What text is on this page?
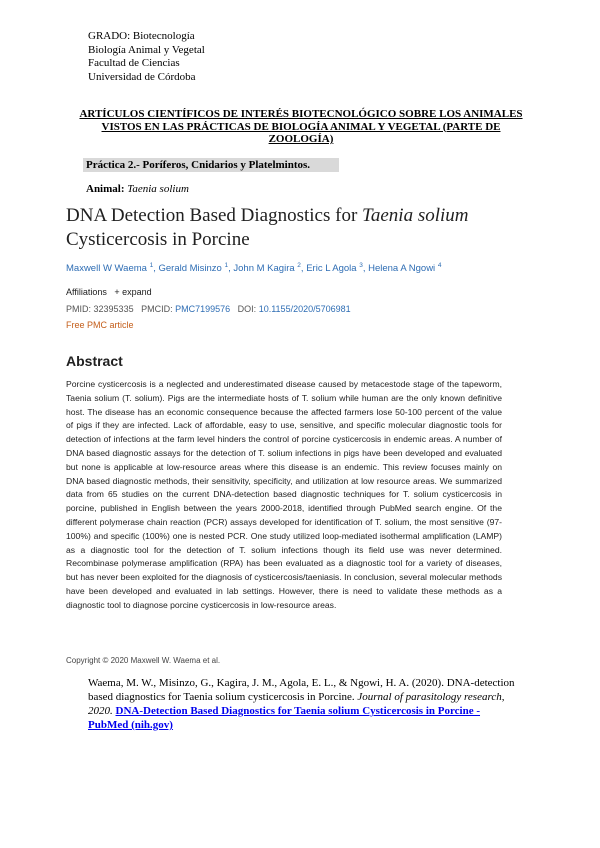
GRADO: Biotecnología
Biología Animal y Vegetal
Facultad de Ciencias
Universidad de Córdoba
ARTÍCULOS CIENTÍFICOS DE INTERÉS BIOTECNOLÓGICO SOBRE LOS ANIMALES VISTOS EN LAS PRÁCTICAS DE BIOLOGÍA ANIMAL Y VEGETAL (PARTE DE ZOOLOGÍA)
Práctica 2.- Poríferos, Cnidarios y Platelmintos.
Animal: Taenia solium
DNA Detection Based Diagnostics for Taenia solium Cysticercosis in Porcine
Maxwell W Waema $^1$, Gerald Misinzo $^1$, John M Kagira $^2$, Eric L Agola $^3$, Helena A Ngowi $^4$
Affiliations + expand
PMID: 32395335 PMCID: PMC7199576 DOI: 10.1155/2020/5706981
Free PMC article
Abstract
Porcine cysticercosis is a neglected and underestimated disease caused by metacestode stage of the tapeworm, Taenia solium (T. solium). Pigs are the intermediate hosts of T. solium while human are the only known definitive host. The disease has an economic consequence because the affected farmers lose 50-100 percent of the value of pigs if they are infected. Lack of affordable, easy to use, sensitive, and specific molecular diagnostic tools for detection of infections at the farm level hinders the control of porcine cysticercosis in endemic areas. A number of DNA based diagnostic assays for the detection of T. solium infections in pigs have been developed and evaluated but none is applicable at low-resource areas where this disease is an endemic. This review focuses mainly on DNA based diagnostic methods, their sensitivity, specificity, and utilization at low resource areas. We summarized data from 65 studies on the current DNA-detection based diagnostic techniques for T. solium cysticercosis in porcine, published in English between the years 2000-2018, identified through PubMed search engine. Of the different polymerase chain reaction (PCR) assays developed for identification of T. solium, the most sensitive (97-100%) and specific (100%) one is nested PCR. One study utilized loop-mediated isothermal amplification (LAMP) as a diagnostic tool for the detection of T. solium infections though its field use was never determined. Recombinase polymerase amplification (RPA) has been evaluated as a diagnostic tool for a variety of diseases, but has never been exploited for the diagnosis of cysticercosis/taeniasis. In conclusion, several molecular methods have been developed and evaluated in lab settings. However, there is need to validate these methods as a diagnostic tool to diagnose porcine cysticercosis in low-resource areas.
Copyright © 2020 Maxwell W. Waema et al.
Waema, M. W., Misinzo, G., Kagira, J. M., Agola, E. L., & Ngowi, H. A. (2020). DNA-detection based diagnostics for Taenia solium cysticercosis in Porcine. Journal of parasitology research, 2020. DNA-Detection Based Diagnostics for Taenia solium Cysticercosis in Porcine - PubMed (nih.gov)
